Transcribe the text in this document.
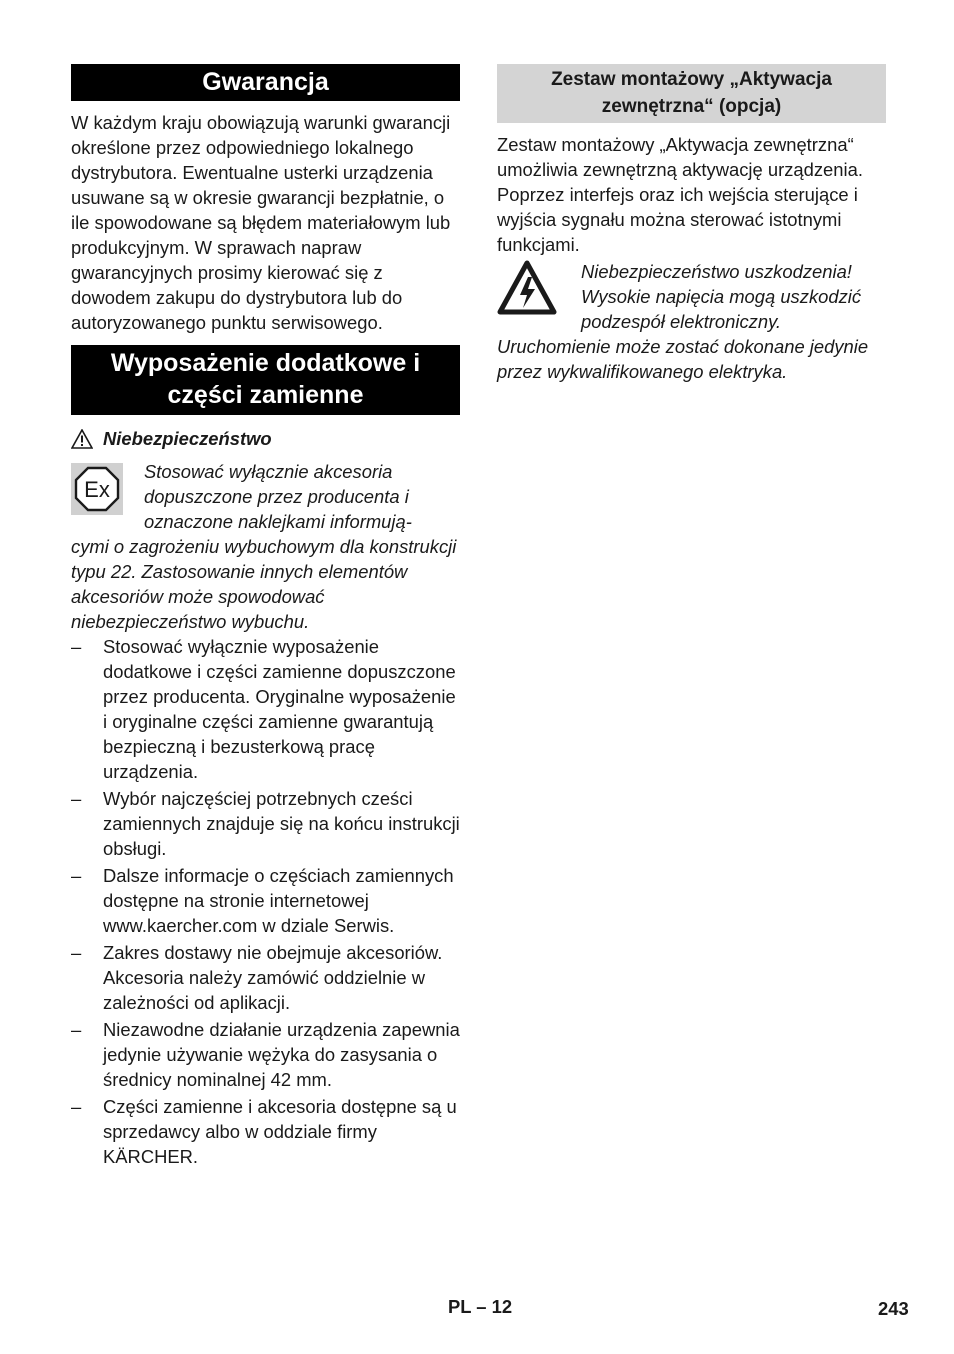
Gwarancja

W każdym kraju obowiązują warunki gwarancji określone przez odpowiedniego lokalnego dystrybutora. Ewentualne usterki urządzenia usuwane są w okresie gwarancji bezpłatnie, o ile spowodowane są błędem materiałowym lub produkcyjnym. W sprawach napraw gwarancyjnych prosimy kierować się z dowodem zakupu do dystrybutora lub do autoryzowanego punktu serwisowego.

Wyposażenie dodatkowe i
części zamienne
Niebezpieczeństwo
Ex
Stosować wyłącznie akcesoria dopuszczone przez producenta i oznaczone naklejkami informują-

cymi o zagrożeniu wybuchowym dla konstrukcji typu 22. Zastosowanie innych elementów akcesoriów może spowodować niebezpieczeństwo wybuchu.

– Stosować wyłącznie wyposażenie dodatkowe i części zamienne dopuszczone przez producenta. Oryginalne wyposażenie i oryginalne części zamienne gwarantują bezpieczną i bezusterkową pracę urządzenia.
– Wybór najczęściej potrzebnych cześci zamiennych znajduje się na końcu instrukcji obsługi.
– Dalsze informacje o częściach zamiennych dostępne na stronie internetowej www.kaercher.com w dziale Serwis.
– Zakres dostawy nie obejmuje akcesoriów. Akcesoria należy zamówić oddzielnie w zależności od aplikacji.
– Niezawodne działanie urządzenia zapewnia jedynie używanie wężyka do zasysania o średnicy nominalnej 42 mm.
– Części zamienne i akcesoria dostępne są u sprzedawcy albo w oddziale firmy KÄRCHER.
Zestaw montażowy „Aktywacja zewnętrzna“ (opcja)

Zestaw montażowy „Aktywacja zewnętrzna“ umożliwia zewnętrzną aktywację urządzenia. Poprzez interfejs oraz ich wejścia sterujące i wyjścia sygnału można sterować istotnymi funkcjami.

Niebezpieczeństwo uszkodzenia! Wysokie napięcia mogą uszkodzić podzespół elektroniczny.

Uruchomienie może zostać dokonane jedynie przez wykwalifikowanego elektryka.

PL – 12	243
